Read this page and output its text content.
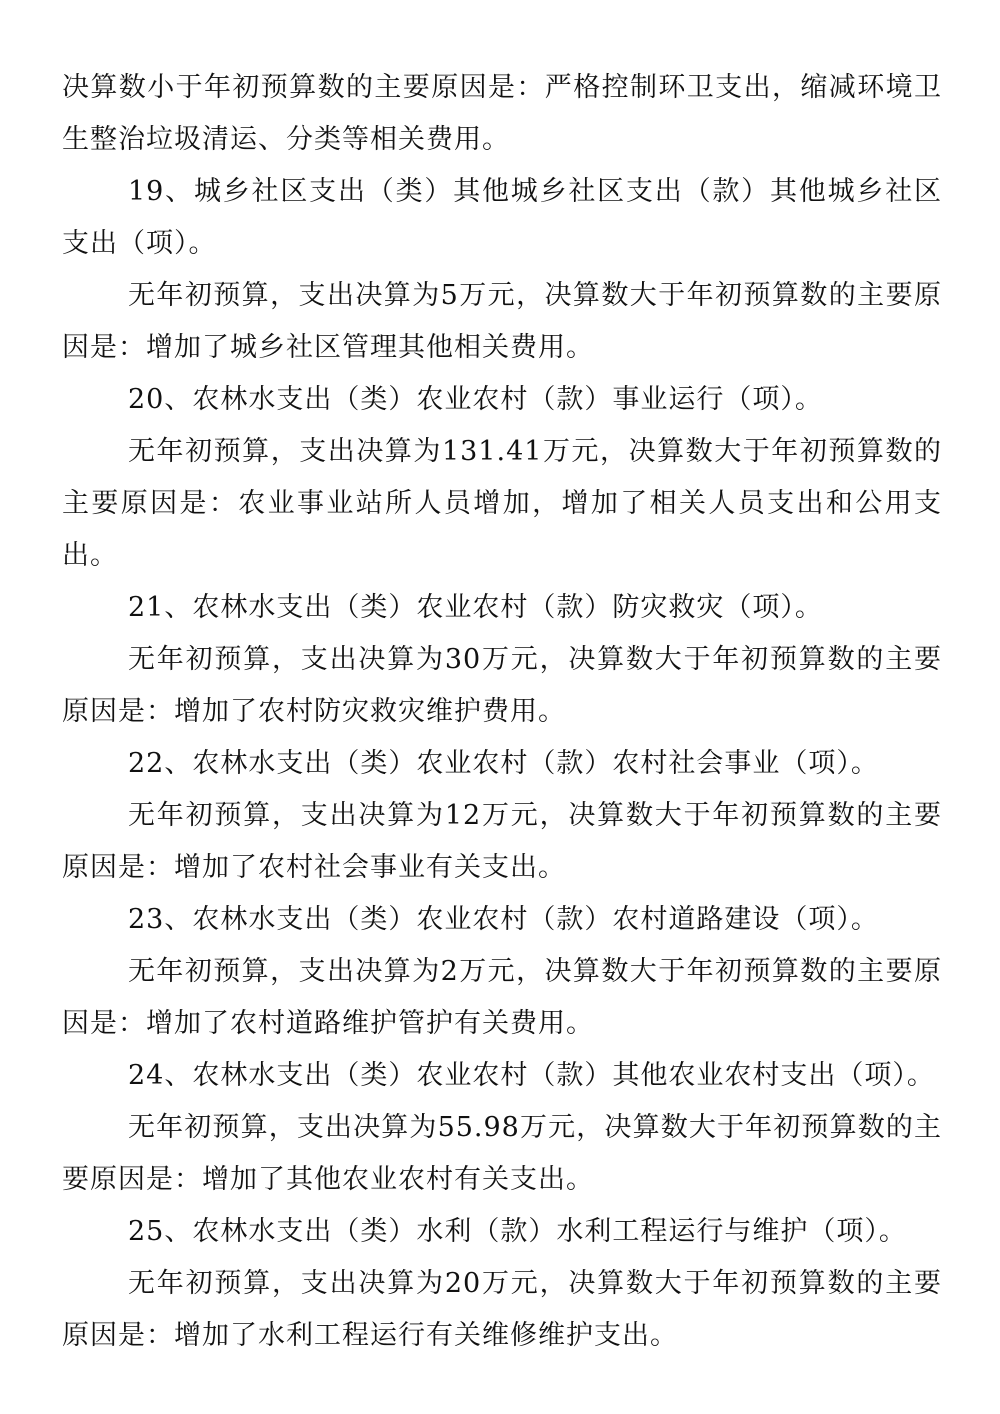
决算数小于年初预算数的主要原因是：严格控制环卫支出，缩减环境卫生整治垃圾清运、分类等相关费用。

19、城乡社区支出（类）其他城乡社区支出（款）其他城乡社区支出（项）。

无年初预算，支出决算为5万元，决算数大于年初预算数的主要原因是：增加了城乡社区管理其他相关费用。

20、农林水支出（类）农业农村（款）事业运行（项）。

无年初预算，支出决算为131.41万元，决算数大于年初预算数的主要原因是：农业事业站所人员增加，增加了相关人员支出和公用支出。

21、农林水支出（类）农业农村（款）防灾救灾（项）。

无年初预算，支出决算为30万元，决算数大于年初预算数的主要原因是：增加了农村防灾救灾维护费用。

22、农林水支出（类）农业农村（款）农村社会事业（项）。

无年初预算，支出决算为12万元，决算数大于年初预算数的主要原因是：增加了农村社会事业有关支出。

23、农林水支出（类）农业农村（款）农村道路建设（项）。

无年初预算，支出决算为2万元，决算数大于年初预算数的主要原因是：增加了农村道路维护管护有关费用。

24、农林水支出（类）农业农村（款）其他农业农村支出（项）。

无年初预算，支出决算为55.98万元，决算数大于年初预算数的主要原因是：增加了其他农业农村有关支出。

25、农林水支出（类）水利（款）水利工程运行与维护（项）。

无年初预算，支出决算为20万元，决算数大于年初预算数的主要原因是：增加了水利工程运行有关维修维护支出。
